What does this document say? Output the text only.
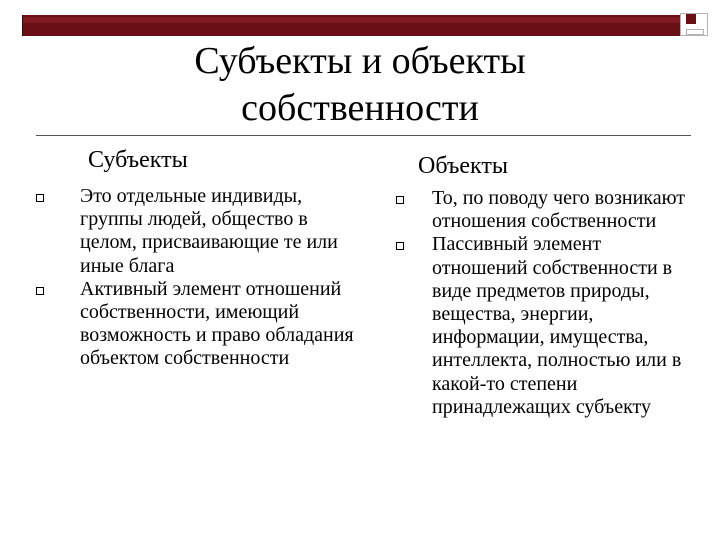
Субъекты и объекты собственности
Субъекты	Объекты
Это отдельные индивиды, группы людей, общество в целом, присваивающие те или иные блага
Активный элемент отношений собственности, имеющий возможность и право обладания объектом собственности
То, по поводу чего возникают отношения собственности
Пассивный элемент отношений собственности в виде предметов природы, вещества, энергии, информации, имущества, интеллекта, полностью или в какой-то степени принадлежащих субъекту
